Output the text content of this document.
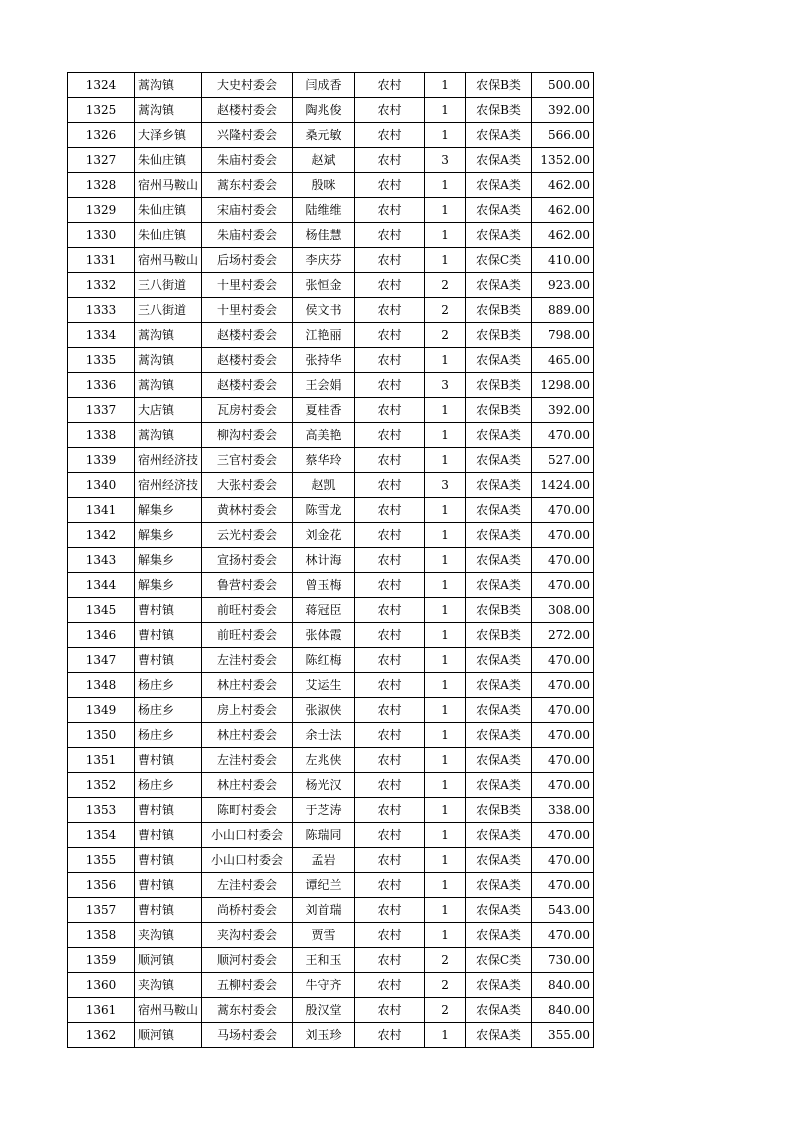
1324	蒿沟镇	大史村委会	闫成香	农村	1	农保B类	500.00
1325	蒿沟镇	赵楼村委会	陶兆俊	农村	1	农保B类	392.00
1326	大泽乡镇	兴隆村委会	桑元敏	农村	1	农保A类	566.00
1327	朱仙庄镇	朱庙村委会	赵斌	农村	3	农保A类	1352.00
1328	宿州马鞍山	蒿东村委会	殷咪	农村	1	农保A类	462.00
1329	朱仙庄镇	宋庙村委会	陆维维	农村	1	农保A类	462.00
1330	朱仙庄镇	朱庙村委会	杨佳慧	农村	1	农保A类	462.00
1331	宿州马鞍山	后场村委会	李庆芬	农村	1	农保C类	410.00
1332	三八街道	十里村委会	张恒金	农村	2	农保A类	923.00
1333	三八街道	十里村委会	侯文书	农村	2	农保B类	889.00
1334	蒿沟镇	赵楼村委会	江艳丽	农村	2	农保B类	798.00
1335	蒿沟镇	赵楼村委会	张持华	农村	1	农保A类	465.00
1336	蒿沟镇	赵楼村委会	王会娟	农村	3	农保B类	1298.00
1337	大店镇	瓦房村委会	夏桂香	农村	1	农保B类	392.00
1338	蒿沟镇	柳沟村委会	高美艳	农村	1	农保A类	470.00
1339	宿州经济技	三官村委会	蔡华玲	农村	1	农保A类	527.00
1340	宿州经济技	大张村委会	赵凯	农村	3	农保A类	1424.00
1341	解集乡	黄林村委会	陈雪龙	农村	1	农保A类	470.00
1342	解集乡	云光村委会	刘金花	农村	1	农保A类	470.00
1343	解集乡	宣扬村委会	林计海	农村	1	农保A类	470.00
1344	解集乡	鲁营村委会	曾玉梅	农村	1	农保A类	470.00
1345	曹村镇	前旺村委会	蒋冠臣	农村	1	农保B类	308.00
1346	曹村镇	前旺村委会	张体霞	农村	1	农保B类	272.00
1347	曹村镇	左洼村委会	陈红梅	农村	1	农保A类	470.00
1348	杨庄乡	林庄村委会	艾运生	农村	1	农保A类	470.00
1349	杨庄乡	房上村委会	张淑侠	农村	1	农保A类	470.00
1350	杨庄乡	林庄村委会	余士法	农村	1	农保A类	470.00
1351	曹村镇	左洼村委会	左兆侠	农村	1	农保A类	470.00
1352	杨庄乡	林庄村委会	杨光汉	农村	1	农保A类	470.00
1353	曹村镇	陈町村委会	于芝涛	农村	1	农保B类	338.00
1354	曹村镇	小山口村委会	陈瑞同	农村	1	农保A类	470.00
1355	曹村镇	小山口村委会	孟岩	农村	1	农保A类	470.00
1356	曹村镇	左洼村委会	谭纪兰	农村	1	农保A类	470.00
1357	曹村镇	尚桥村委会	刘首瑞	农村	1	农保A类	543.00
1358	夹沟镇	夹沟村委会	贾雪	农村	1	农保A类	470.00
1359	顺河镇	顺河村委会	王和玉	农村	2	农保C类	730.00
1360	夹沟镇	五柳村委会	牛守齐	农村	2	农保A类	840.00
1361	宿州马鞍山	蒿东村委会	殷汉堂	农村	2	农保A类	840.00
1362	顺河镇	马场村委会	刘玉珍	农村	1	农保A类	355.00
